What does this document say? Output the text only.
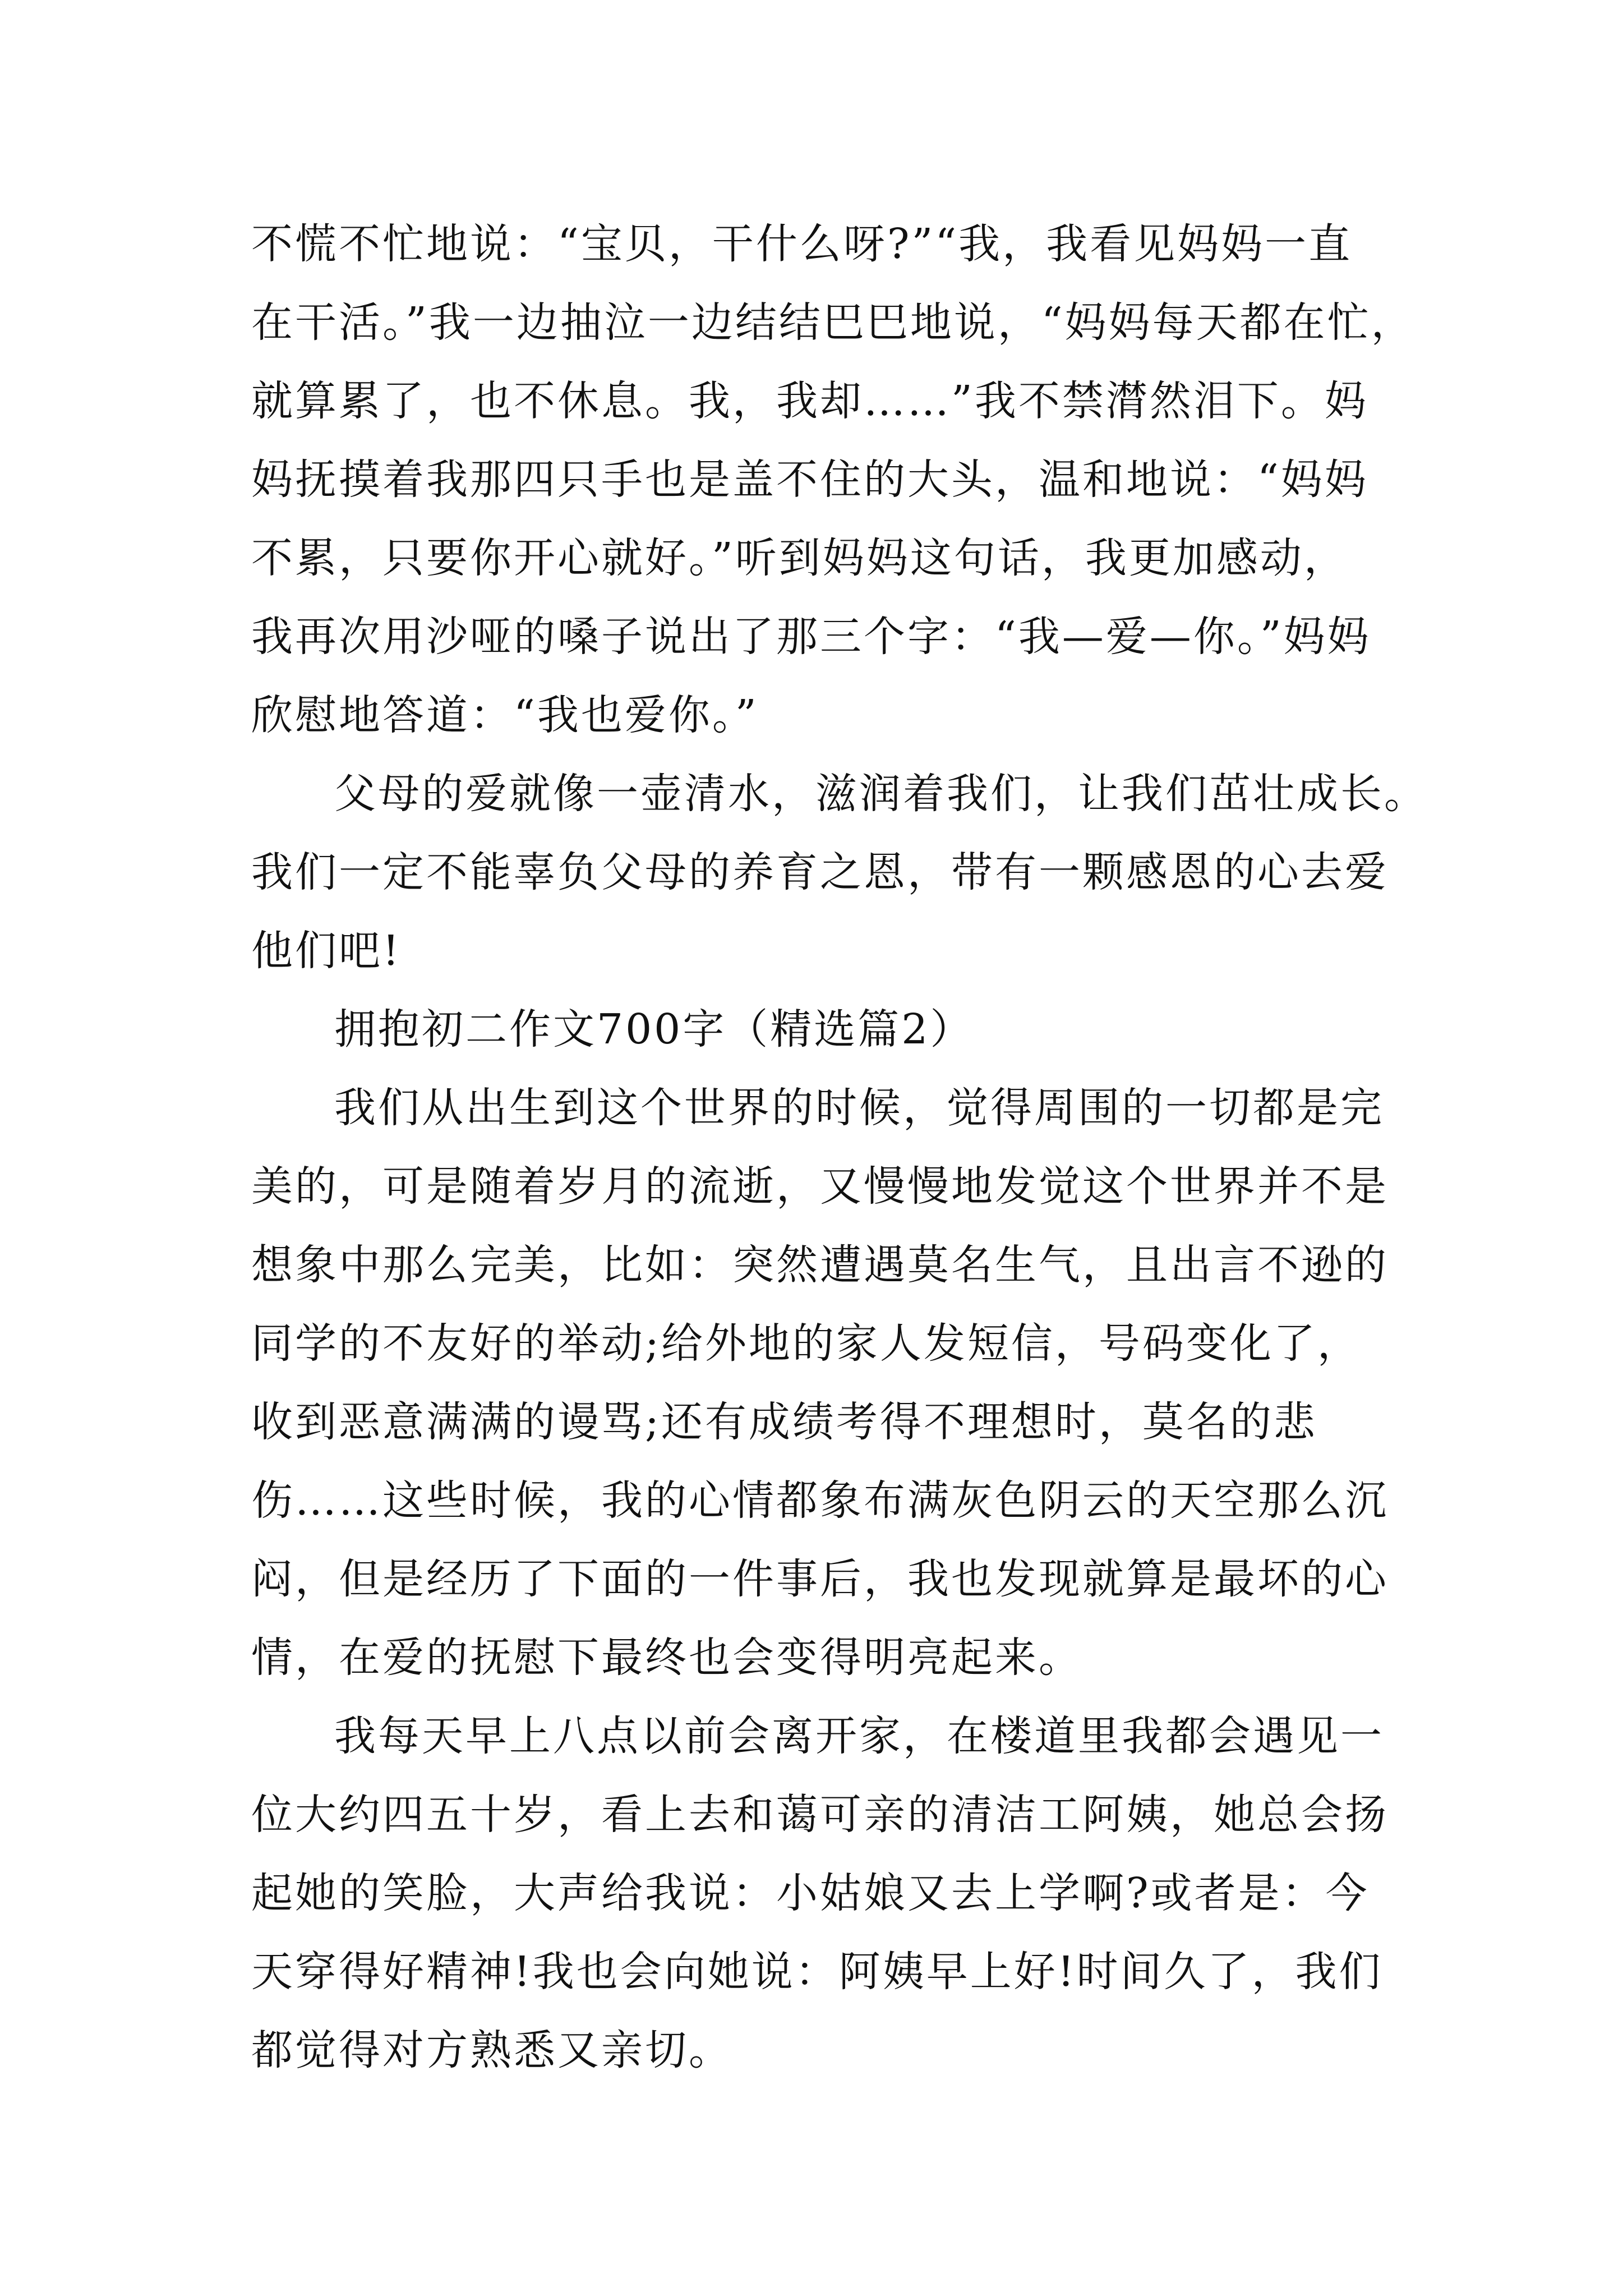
不慌不忙地说：“宝贝，干什么呀?”“我，我看见妈妈一直
在干活。”我一边抽泣一边结结巴巴地说，“妈妈每天都在忙，
就算累了，也不休息。我，我却……”我不禁潸然泪下。妈
妈抚摸着我那四只手也是盖不住的大头，温和地说：“妈妈
不累，只要你开心就好。”听到妈妈这句话，我更加感动，
我再次用沙哑的嗓子说出了那三个字：“我—爱—你。”妈妈
欣慰地答道：“我也爱你。”
父母的爱就像一壶清水，滋润着我们，让我们茁壮成长。
我们一定不能辜负父母的养育之恩，带有一颗感恩的心去爱
他们吧!
拥抱初二作文700字（精选篇2）
我们从出生到这个世界的时候，觉得周围的一切都是完
美的，可是随着岁月的流逝，又慢慢地发觉这个世界并不是
想象中那么完美，比如：突然遭遇莫名生气，且出言不逊的
同学的不友好的举动;给外地的家人发短信，号码变化了，
收到恶意满满的谩骂;还有成绩考得不理想时，莫名的悲
伤……这些时候，我的心情都象布满灰色阴云的天空那么沉
闷，但是经历了下面的一件事后，我也发现就算是最坏的心
情，在爱的抚慰下最终也会变得明亮起来。
我每天早上八点以前会离开家，在楼道里我都会遇见一
位大约四五十岁，看上去和蔼可亲的清洁工阿姨，她总会扬
起她的笑脸，大声给我说：小姑娘又去上学啊?或者是：今
天穿得好精神!我也会向她说：阿姨早上好!时间久了，我们
都觉得对方熟悉又亲切。
